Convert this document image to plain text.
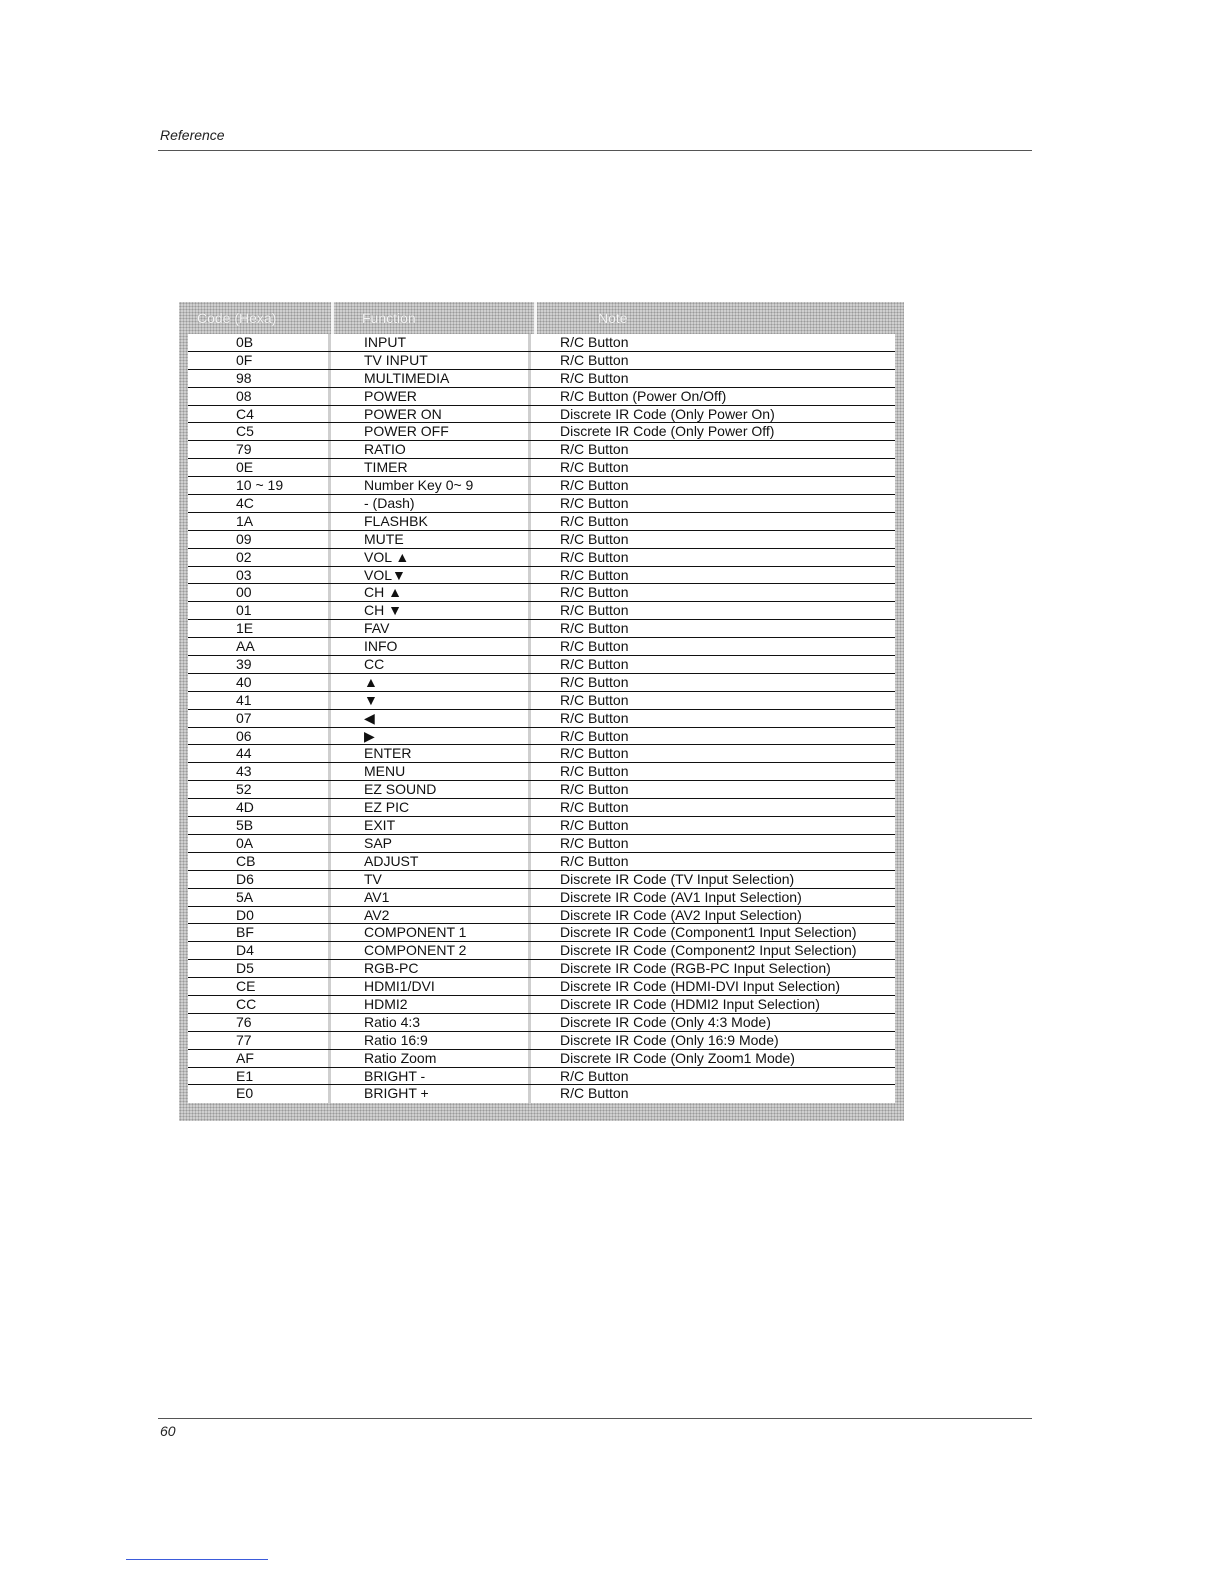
Reference
Code (Hexa)	Function	Note
0B	INPUT	R/C Button
0F	TV INPUT	R/C Button
98	MULTIMEDIA	R/C Button
08	POWER	R/C Button (Power On/Off)
C4	POWER ON	Discrete IR Code (Only Power On)
C5	POWER OFF	Discrete IR Code (Only Power Off)
79	RATIO	R/C Button
0E	TIMER	R/C Button
10 ~ 19	Number Key 0~ 9	R/C Button
4C	- (Dash)	R/C Button
1A	FLASHBK	R/C Button
09	MUTE	R/C Button
02	VOL ▲	R/C Button
03	VOL▼	R/C Button
00	CH ▲	R/C Button
01	CH ▼	R/C Button
1E	FAV	R/C Button
AA	INFO	R/C Button
39	CC	R/C Button
40	▲	R/C Button
41	▼	R/C Button
07	◀	R/C Button
06	▶	R/C Button
44	ENTER	R/C Button
43	MENU	R/C Button
52	EZ SOUND	R/C Button
4D	EZ PIC	R/C Button
5B	EXIT	R/C Button
0A	SAP	R/C Button
CB	ADJUST	R/C Button
D6	TV	Discrete IR Code (TV Input Selection)
5A	AV1	Discrete IR Code (AV1 Input Selection)
D0	AV2	Discrete IR Code (AV2 Input Selection)
BF	COMPONENT 1	Discrete IR Code (Component1 Input Selection)
D4	COMPONENT 2	Discrete IR Code (Component2 Input Selection)
D5	RGB-PC	Discrete IR Code (RGB-PC Input Selection)
CE	HDMI1/DVI	Discrete IR Code (HDMI-DVI Input Selection)
CC	HDMI2	Discrete IR Code (HDMI2 Input Selection)
76	Ratio 4:3	Discrete IR Code (Only 4:3 Mode)
77	Ratio 16:9	Discrete IR Code (Only 16:9 Mode)
AF	Ratio Zoom	Discrete IR Code (Only Zoom1 Mode)
E1	BRIGHT -	R/C Button
E0	BRIGHT +	R/C Button
60
